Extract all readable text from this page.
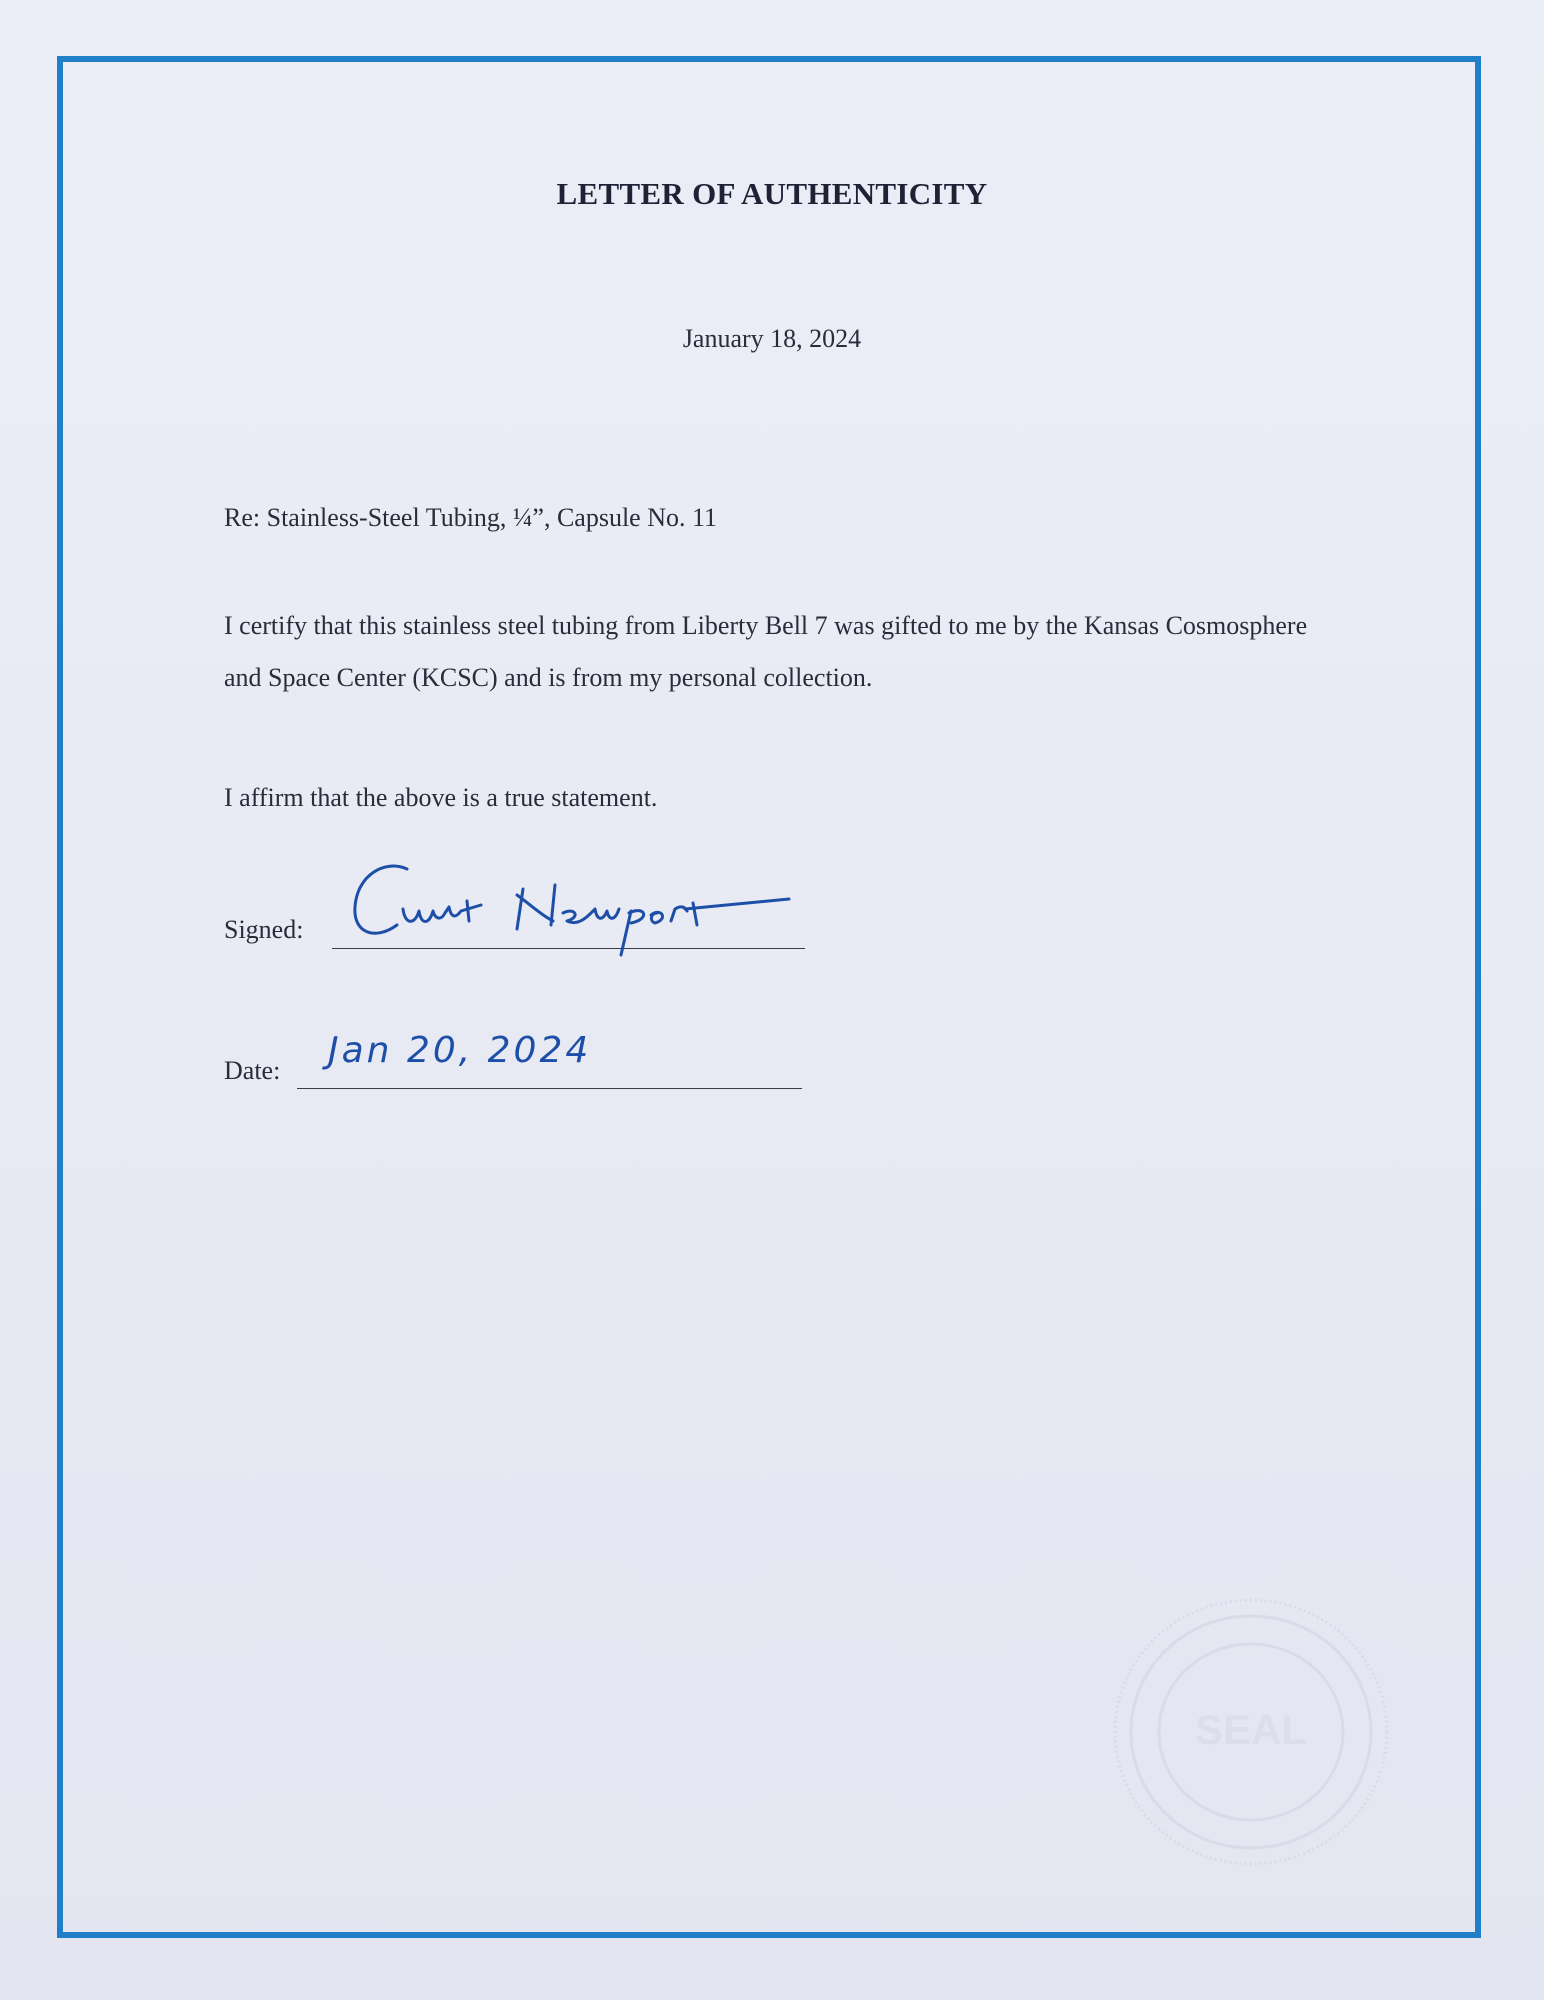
LETTER OF AUTHENTICITY
January 18, 2024
Re: Stainless-Steel Tubing, ¼”, Capsule No. 11
I certify that this stainless steel tubing from Liberty Bell 7 was gifted to me by the Kansas Cosmosphere and Space Center (KCSC) and is from my personal collection.
I affirm that the above is a true statement.
Signed:
Date: Jan 20, 2024
SEAL
